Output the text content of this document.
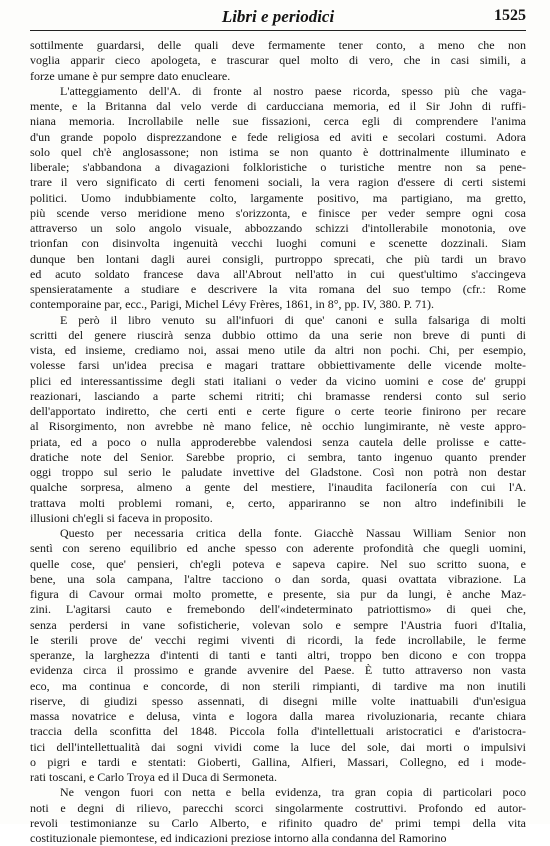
Libri e periodici	1525
sottilmente guardarsi, delle quali deve fermamente tener conto, a meno che non
voglia apparir cieco apologeta, e trascurar quel molto di vero, che in casi simili, a
forze umane è pur sempre dato enucleare.
L'atteggiamento dell'A. di fronte al nostro paese ricorda, spesso più che vaga-
mente, e la Britanna dal velo verde di carducciana memoria, ed il Sir John di ruffi-
niana memoria. Incrollabile nelle sue fissazioni, cerca egli di comprendere l'anima
d'un grande popolo disprezzandone e fede religiosa ed aviti e secolari costumi. Adora
solo quel ch'è anglosassone; non istima se non quanto è dottrinalmente illuminato e
liberale; s'abbandona a divagazioni folkloristiche o turistiche mentre non sa pene-
trare il vero significato di certi fenomeni sociali, la vera ragion d'essere di certi sistemi
politici. Uomo indubbiamente colto, largamente positivo, ma partigiano, ma gretto,
più scende verso meridione meno s'orizzonta, e finisce per veder sempre ogni cosa
attraverso un solo angolo visuale, abbozzando schizzi d'intollerabile monotonia, ove
trionfan con disinvolta ingenuità vecchi luoghi comuni e scenette dozzinali. Siam
dunque ben lontani dagli aurei consigli, purtroppo sprecati, che più tardi un bravo
ed acuto soldato francese dava all'Abrout nell'atto in cui quest'ultimo s'accingeva
spensieratamente a studiare e descrivere la vita romana del suo tempo (cfr.: Rome
contemporaine par, ecc., Parigi, Michel Lévy Frères, 1861, in 8°, pp. IV, 380. P. 71).
E però il libro venuto su all'infuori di que' canoni e sulla falsariga di molti
scritti del genere riuscirà senza dubbio ottimo da una serie non breve di punti di
vista, ed insieme, crediamo noi, assai meno utile da altri non pochi. Chi, per esempio,
volesse farsi un'idea precisa e magari trattare obbiettivamente delle vicende molte-
plici ed interessantissime degli stati italiani o veder da vicino uomini e cose de' gruppi
reazionari, lasciando a parte schemi ritriti; chi bramasse rendersi conto sul serio
dell'apportato indiretto, che certi enti e certe figure o certe teorie finirono per recare
al Risorgimento, non avrebbe nè mano felice, nè occhio lungimirante, nè veste appro-
priata, ed a poco o nulla approderebbe valendosi senza cautela delle prolisse e catte-
dratiche note del Senior. Sarebbe proprio, ci sembra, tanto ingenuo quanto prender
oggi troppo sul serio le paludate invettive del Gladstone. Così non potrà non destar
qualche sorpresa, almeno a gente del mestiere, l'inaudita facilonería con cui l'A.
trattava molti problemi romani, e, certo, appariranno se non altro indefinibili le
illusioni ch'egli si faceva in proposito.
Questo per necessaria critica della fonte. Giacchè Nassau William Senior non
sentì con sereno equilibrio ed anche spesso con aderente profondità che quegli uomini,
quelle cose, que' pensieri, ch'egli poteva e sapeva capire. Nel suo scritto suona, e
bene, una sola campana, l'altre tacciono o dan sorda, quasi ovattata vibrazione. La
figura di Cavour ormai molto promette, e presente, sia pur da lungi, è anche Maz-
zini. L'agitarsi cauto e fremebondo dell'«indeterminato patriottismo» di quei che,
senza perdersi in vane sofisticherie, volevan solo e sempre l'Austria fuori d'Italia,
le sterili prove de' vecchi regimi viventi di ricordi, la fede incrollabile, le ferme
speranze, la larghezza d'intenti di tanti e tanti altri, troppo ben dicono e con troppa
evidenza circa il prossimo e grande avvenire del Paese. È tutto attraverso non vasta
eco, ma continua e concorde, di non sterili rimpianti, di tardive ma non inutili
riserve, di giudizi spesso assennati, di disegni mille volte inattuabili d'un'esigua
massa novatrice e delusa, vinta e logora dalla marea rivoluzionaria, recante chiara
traccia della sconfitta del 1848. Piccola folla d'intellettuali aristocratici e d'aristocra-
tici dell'intellettualità dai sogni vividi come la luce del sole, dai morti o impulsivi
o pigri e tardi e stentati: Gioberti, Gallina, Alfieri, Massari, Collegno, ed i mode-
rati toscani, e Carlo Troya ed il Duca di Sermoneta.
Ne vengon fuori con netta e bella evidenza, tra gran copia di particolari poco
noti e degni di rilievo, parecchi scorci singolarmente costruttivi. Profondo ed autor-
revoli testimonianze su Carlo Alberto, e rifinito quadro de' primi tempi della vita
costituzionale piemontese, ed indicazioni preziose intorno alla condanna del Ramorino
